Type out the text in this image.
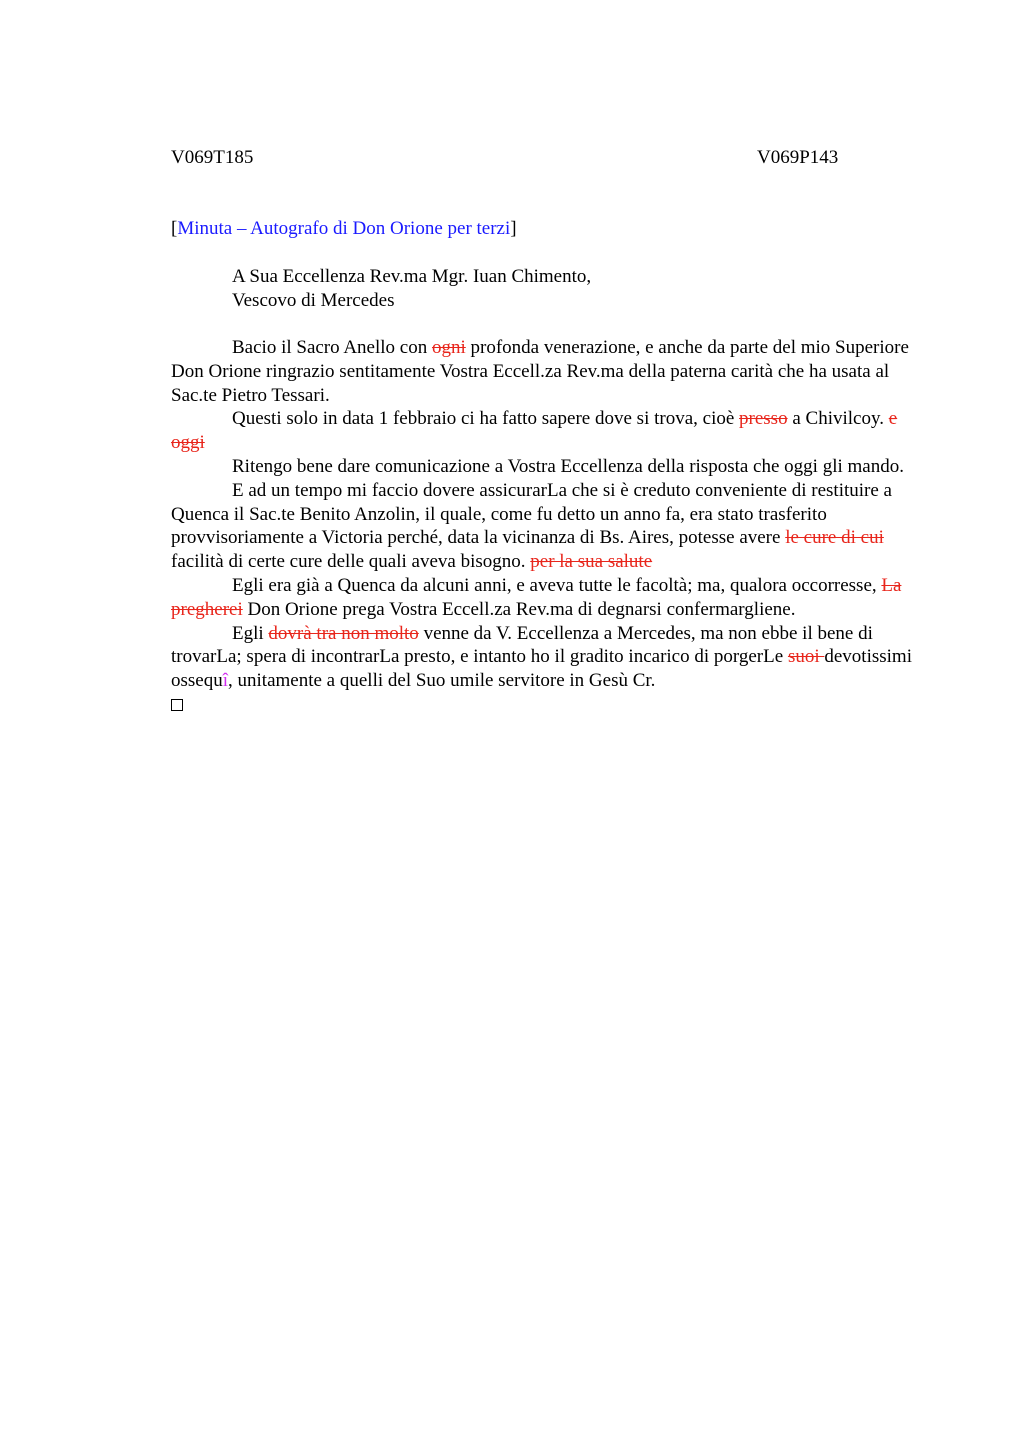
V069T185	V069P143
[Minuta – Autografo di Don Orione per terzi]
A Sua Eccellenza Rev.ma Mgr. Iuan Chimento,
Vescovo di Mercedes

Bacio il Sacro Anello con ogni profonda venerazione, e anche da parte del mio Superiore Don Orione ringrazio sentitamente Vostra Eccell.za Rev.ma della paterna carità che ha usata al Sac.te Pietro Tessari.

Questi solo in data 1 febbraio ci ha fatto sapere dove si trova, cioè presso a Chivilcoy. e oggi

Ritengo bene dare comunicazione a Vostra Eccellenza della risposta che oggi gli mando.

E ad un tempo mi faccio dovere assicurarLa che si è creduto conveniente di restituire a Quenca il Sac.te Benito Anzolin, il quale, come fu detto un anno fa, era stato trasferito provvisoriamente a Victoria perché, data la vicinanza di Bs. Aires, potesse avere le cure di cui facilità di certe cure delle quali aveva bisogno. per la sua salute

Egli era già a Quenca da alcuni anni, e aveva tutte le facoltà; ma, qualora occorresse, La pregherei Don Orione prega Vostra Eccell.za Rev.ma di degnarsi confermargliene.

Egli dovrà tra non molto venne da V. Eccellenza a Mercedes, ma non ebbe il bene di trovarLa; spera di incontrarLa presto, e intanto ho il gradito incarico di porgerLe suoi devotissimi ossequî, unitamente a quelli del Suo umile servitore in Gesù Cr.
